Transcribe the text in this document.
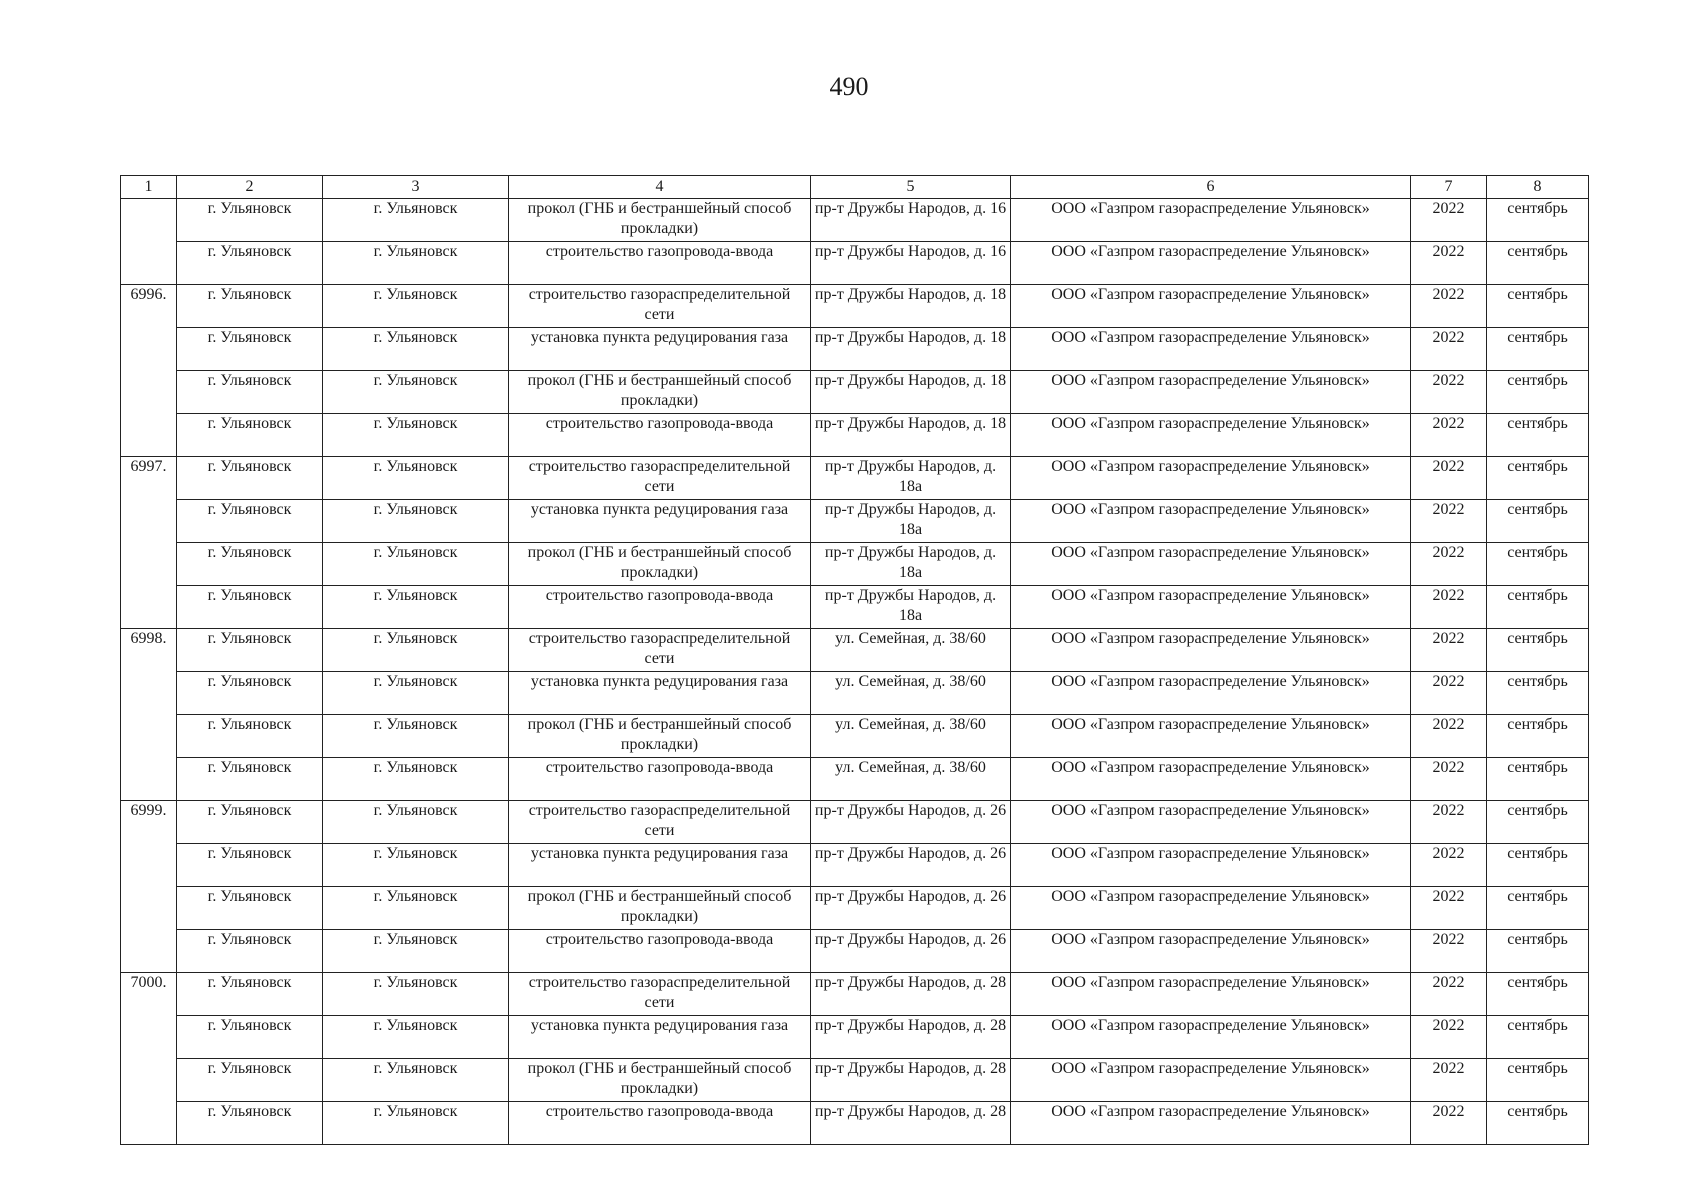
490
1	2	3	4	5	6	7	8
	г. Ульяновск	г. Ульяновск	прокол (ГНБ и бестраншейный способ прокладки)	пр-т Дружбы Народов, д. 16	ООО «Газпром газораспределение Ульяновск»	2022	сентябрь
	г. Ульяновск	г. Ульяновск	строительство газопровода-ввода	пр-т Дружбы Народов, д. 16	ООО «Газпром газораспределение Ульяновск»	2022	сентябрь
6996.	г. Ульяновск	г. Ульяновск	строительство газораспределительной сети	пр-т Дружбы Народов, д. 18	ООО «Газпром газораспределение Ульяновск»	2022	сентябрь
	г. Ульяновск	г. Ульяновск	установка пункта редуцирования газа	пр-т Дружбы Народов, д. 18	ООО «Газпром газораспределение Ульяновск»	2022	сентябрь
	г. Ульяновск	г. Ульяновск	прокол (ГНБ и бестраншейный способ прокладки)	пр-т Дружбы Народов, д. 18	ООО «Газпром газораспределение Ульяновск»	2022	сентябрь
	г. Ульяновск	г. Ульяновск	строительство газопровода-ввода	пр-т Дружбы Народов, д. 18	ООО «Газпром газораспределение Ульяновск»	2022	сентябрь
6997.	г. Ульяновск	г. Ульяновск	строительство газораспределительной сети	пр-т Дружбы Народов, д. 18а	ООО «Газпром газораспределение Ульяновск»	2022	сентябрь
	г. Ульяновск	г. Ульяновск	установка пункта редуцирования газа	пр-т Дружбы Народов, д. 18а	ООО «Газпром газораспределение Ульяновск»	2022	сентябрь
	г. Ульяновск	г. Ульяновск	прокол (ГНБ и бестраншейный способ прокладки)	пр-т Дружбы Народов, д. 18а	ООО «Газпром газораспределение Ульяновск»	2022	сентябрь
	г. Ульяновск	г. Ульяновск	строительство газопровода-ввода	пр-т Дружбы Народов, д. 18а	ООО «Газпром газораспределение Ульяновск»	2022	сентябрь
6998.	г. Ульяновск	г. Ульяновск	строительство газораспределительной сети	ул. Семейная, д. 38/60	ООО «Газпром газораспределение Ульяновск»	2022	сентябрь
	г. Ульяновск	г. Ульяновск	установка пункта редуцирования газа	ул. Семейная, д. 38/60	ООО «Газпром газораспределение Ульяновск»	2022	сентябрь
	г. Ульяновск	г. Ульяновск	прокол (ГНБ и бестраншейный способ прокладки)	ул. Семейная, д. 38/60	ООО «Газпром газораспределение Ульяновск»	2022	сентябрь
	г. Ульяновск	г. Ульяновск	строительство газопровода-ввода	ул. Семейная, д. 38/60	ООО «Газпром газораспределение Ульяновск»	2022	сентябрь
6999.	г. Ульяновск	г. Ульяновск	строительство газораспределительной сети	пр-т Дружбы Народов, д. 26	ООО «Газпром газораспределение Ульяновск»	2022	сентябрь
	г. Ульяновск	г. Ульяновск	установка пункта редуцирования газа	пр-т Дружбы Народов, д. 26	ООО «Газпром газораспределение Ульяновск»	2022	сентябрь
	г. Ульяновск	г. Ульяновск	прокол (ГНБ и бестраншейный способ прокладки)	пр-т Дружбы Народов, д. 26	ООО «Газпром газораспределение Ульяновск»	2022	сентябрь
	г. Ульяновск	г. Ульяновск	строительство газопровода-ввода	пр-т Дружбы Народов, д. 26	ООО «Газпром газораспределение Ульяновск»	2022	сентябрь
7000.	г. Ульяновск	г. Ульяновск	строительство газораспределительной сети	пр-т Дружбы Народов, д. 28	ООО «Газпром газораспределение Ульяновск»	2022	сентябрь
	г. Ульяновск	г. Ульяновск	установка пункта редуцирования газа	пр-т Дружбы Народов, д. 28	ООО «Газпром газораспределение Ульяновск»	2022	сентябрь
	г. Ульяновск	г. Ульяновск	прокол (ГНБ и бестраншейный способ прокладки)	пр-т Дружбы Народов, д. 28	ООО «Газпром газораспределение Ульяновск»	2022	сентябрь
	г. Ульяновск	г. Ульяновск	строительство газопровода-ввода	пр-т Дружбы Народов, д. 28	ООО «Газпром газораспределение Ульяновск»	2022	сентябрь
